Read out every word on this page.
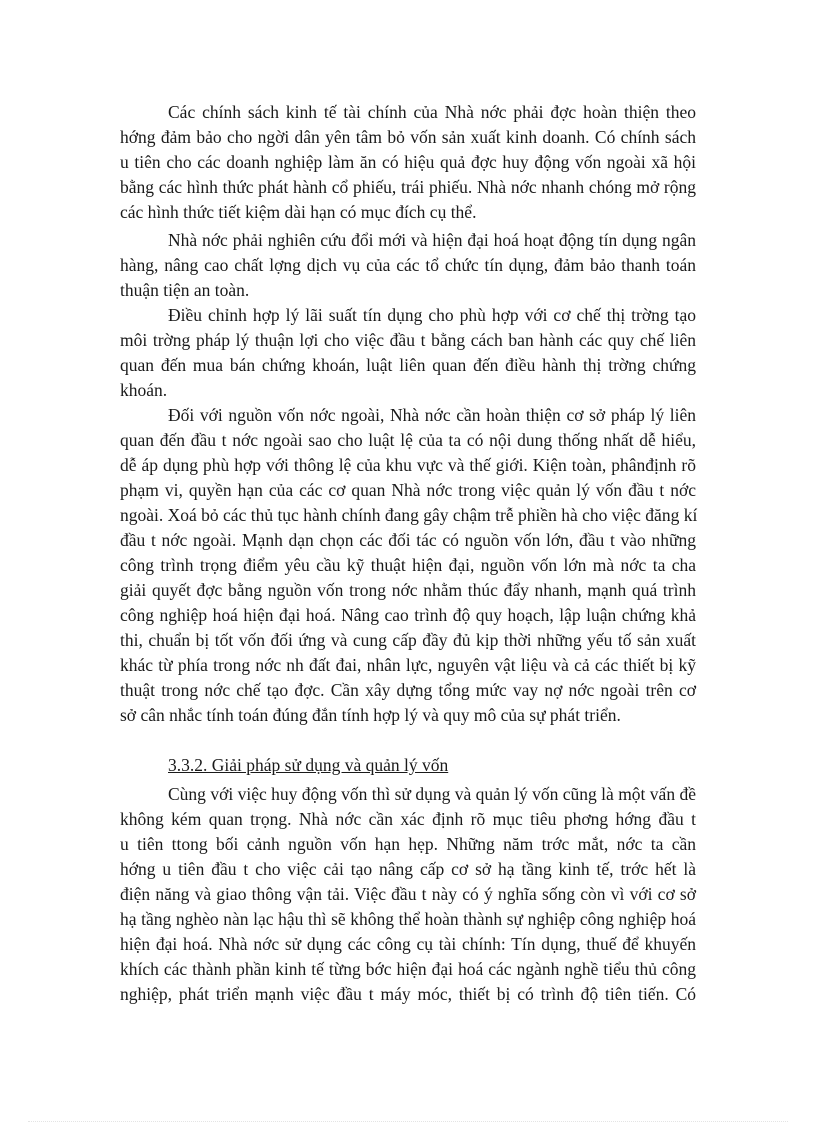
Các chính sách kinh tế tài chính của Nhà nớc phải đợc hoàn thiện theo
hớng đảm bảo cho ngời dân yên tâm bỏ vốn sản xuất kinh doanh. Có chính sách
u tiên cho các doanh nghiệp làm ăn có hiệu quả đợc huy động vốn ngoài xã hội
bằng các hình thức phát hành cổ phiếu, trái phiếu. Nhà nớc nhanh chóng mở rộng
các hình thức tiết kiệm dài hạn có mục đích cụ thể.
Nhà nớc phải nghiên cứu đổi mới và hiện đại hoá hoạt động tín dụng ngân
hàng, nâng cao chất lợng dịch vụ của các tổ chức tín dụng, đảm bảo thanh toán
thuận tiện an toàn.
Điều chỉnh hợp lý lãi suất tín dụng cho phù hợp với cơ chế thị trờng tạo
môi trờng pháp lý thuận lợi cho việc đầu t bằng cách ban hành các quy chế liên
quan đến mua bán chứng khoán, luật liên quan đến điều hành thị trờng chứng
khoán.
Đối với nguồn vốn nớc ngoài, Nhà nớc cần hoàn thiện cơ sở pháp lý liên
quan đến đầu t nớc ngoài sao cho luật lệ của ta có nội dung thống nhất dễ hiểu,
dễ áp dụng phù hợp với thông lệ của khu vực và thế giới. Kiện toàn, phânđịnh rõ
phạm vi, quyền hạn của các cơ quan Nhà nớc trong việc quản lý vốn đầu t nớc
ngoài. Xoá bỏ các thủ tục hành chính đang gây chậm trễ phiền hà cho việc đăng kí
đầu t nớc ngoài. Mạnh dạn chọn các đối tác có nguồn vốn lớn, đầu t vào những
công trình trọng điểm yêu cầu kỹ thuật hiện đại, nguồn vốn lớn mà nớc ta cha
giải quyết đợc bằng nguồn vốn trong nớc nhằm thúc đẩy nhanh, mạnh quá trình
công nghiệp hoá hiện đại hoá. Nâng cao trình độ quy hoạch, lập luận chứng khả
thi, chuẩn bị tốt vốn đối ứng và cung cấp đầy đủ kịp thời những yếu tố sản xuất
khác từ phía trong nớc nh đất đai, nhân lực, nguyên vật liệu và cả các thiết bị kỹ
thuật trong nớc chế tạo đợc. Cần xây dựng tổng mức vay nợ nớc ngoài trên cơ
sở cân nhắc tính toán đúng đắn tính hợp lý và quy mô của sự phát triển.
3.3.2. Giải pháp sử dụng và quản lý vốn
Cùng với việc huy động vốn thì sử dụng và quản lý vốn cũng là một vấn đề
không kém quan trọng. Nhà nớc cần xác định rõ mục tiêu phơng hớng đầu t
u tiên ttong bối cảnh nguồn vốn hạn hẹp. Những năm trớc mắt, nớc ta cần
hớng u tiên đầu t cho việc cải tạo nâng cấp cơ sở hạ tầng kinh tế, trớc hết là
điện năng và giao thông vận tải. Việc đầu t này có ý nghĩa sống còn vì với cơ sở
hạ tầng nghèo nàn lạc hậu thì sẽ không thể hoàn thành sự nghiệp công nghiệp hoá
hiện đại hoá. Nhà nớc sử dụng các công cụ tài chính: Tín dụng, thuế để khuyến
khích các thành phần kinh tế từng bớc hiện đại hoá các ngành nghề tiểu thủ công
nghiệp, phát triển mạnh việc đầu t máy móc, thiết bị có trình độ tiên tiến. Có
